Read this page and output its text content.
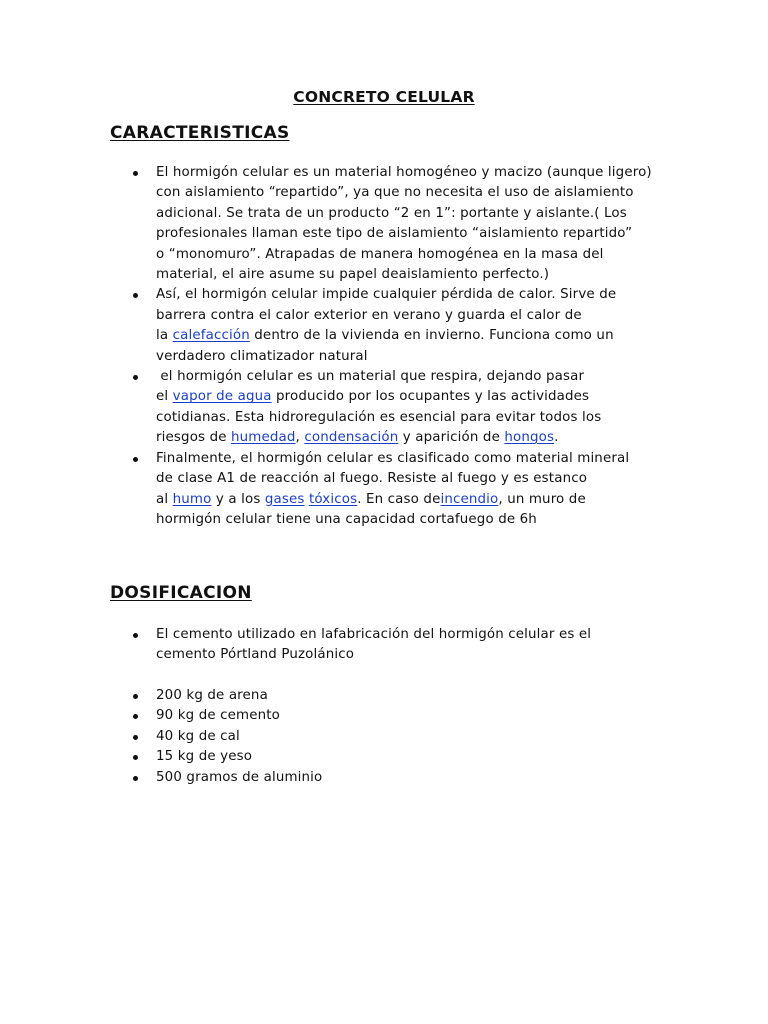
CONCRETO CELULAR
CARACTERISTICAS
El hormigón celular es un material homogéneo y macizo (aunque ligero)
con aislamiento “repartido”, ya que no necesita el uso de aislamiento
adicional. Se trata de un producto “2 en 1”: portante y aislante.( Los
profesionales llaman este tipo de aislamiento “aislamiento repartido”
o “monomuro”. Atrapadas de manera homogénea en la masa del
material, el aire asume su papel deaislamiento perfecto.)
Así, el hormigón celular impide cualquier pérdida de calor. Sirve de
barrera contra el calor exterior en verano y guarda el calor de
la calefacción dentro de la vivienda en invierno. Funciona como un
verdadero climatizador natural
el hormigón celular es un material que respira, dejando pasar
el vapor de agua producido por los ocupantes y las actividades
cotidianas. Esta hidroregulación es esencial para evitar todos los
riesgos de humedad, condensación y aparición de hongos.
Finalmente, el hormigón celular es clasificado como material mineral
de clase A1 de reacción al fuego. Resiste al fuego y es estanco
al humo y a los gases tóxicos. En caso deincendio, un muro de
hormigón celular tiene una capacidad cortafuego de 6h
DOSIFICACION
El cemento utilizado en lafabricación del hormigón celular es el
cemento Pórtland Puzolánico
200 kg de arena
90 kg de cemento
40 kg de cal
15 kg de yeso
500 gramos de aluminio
